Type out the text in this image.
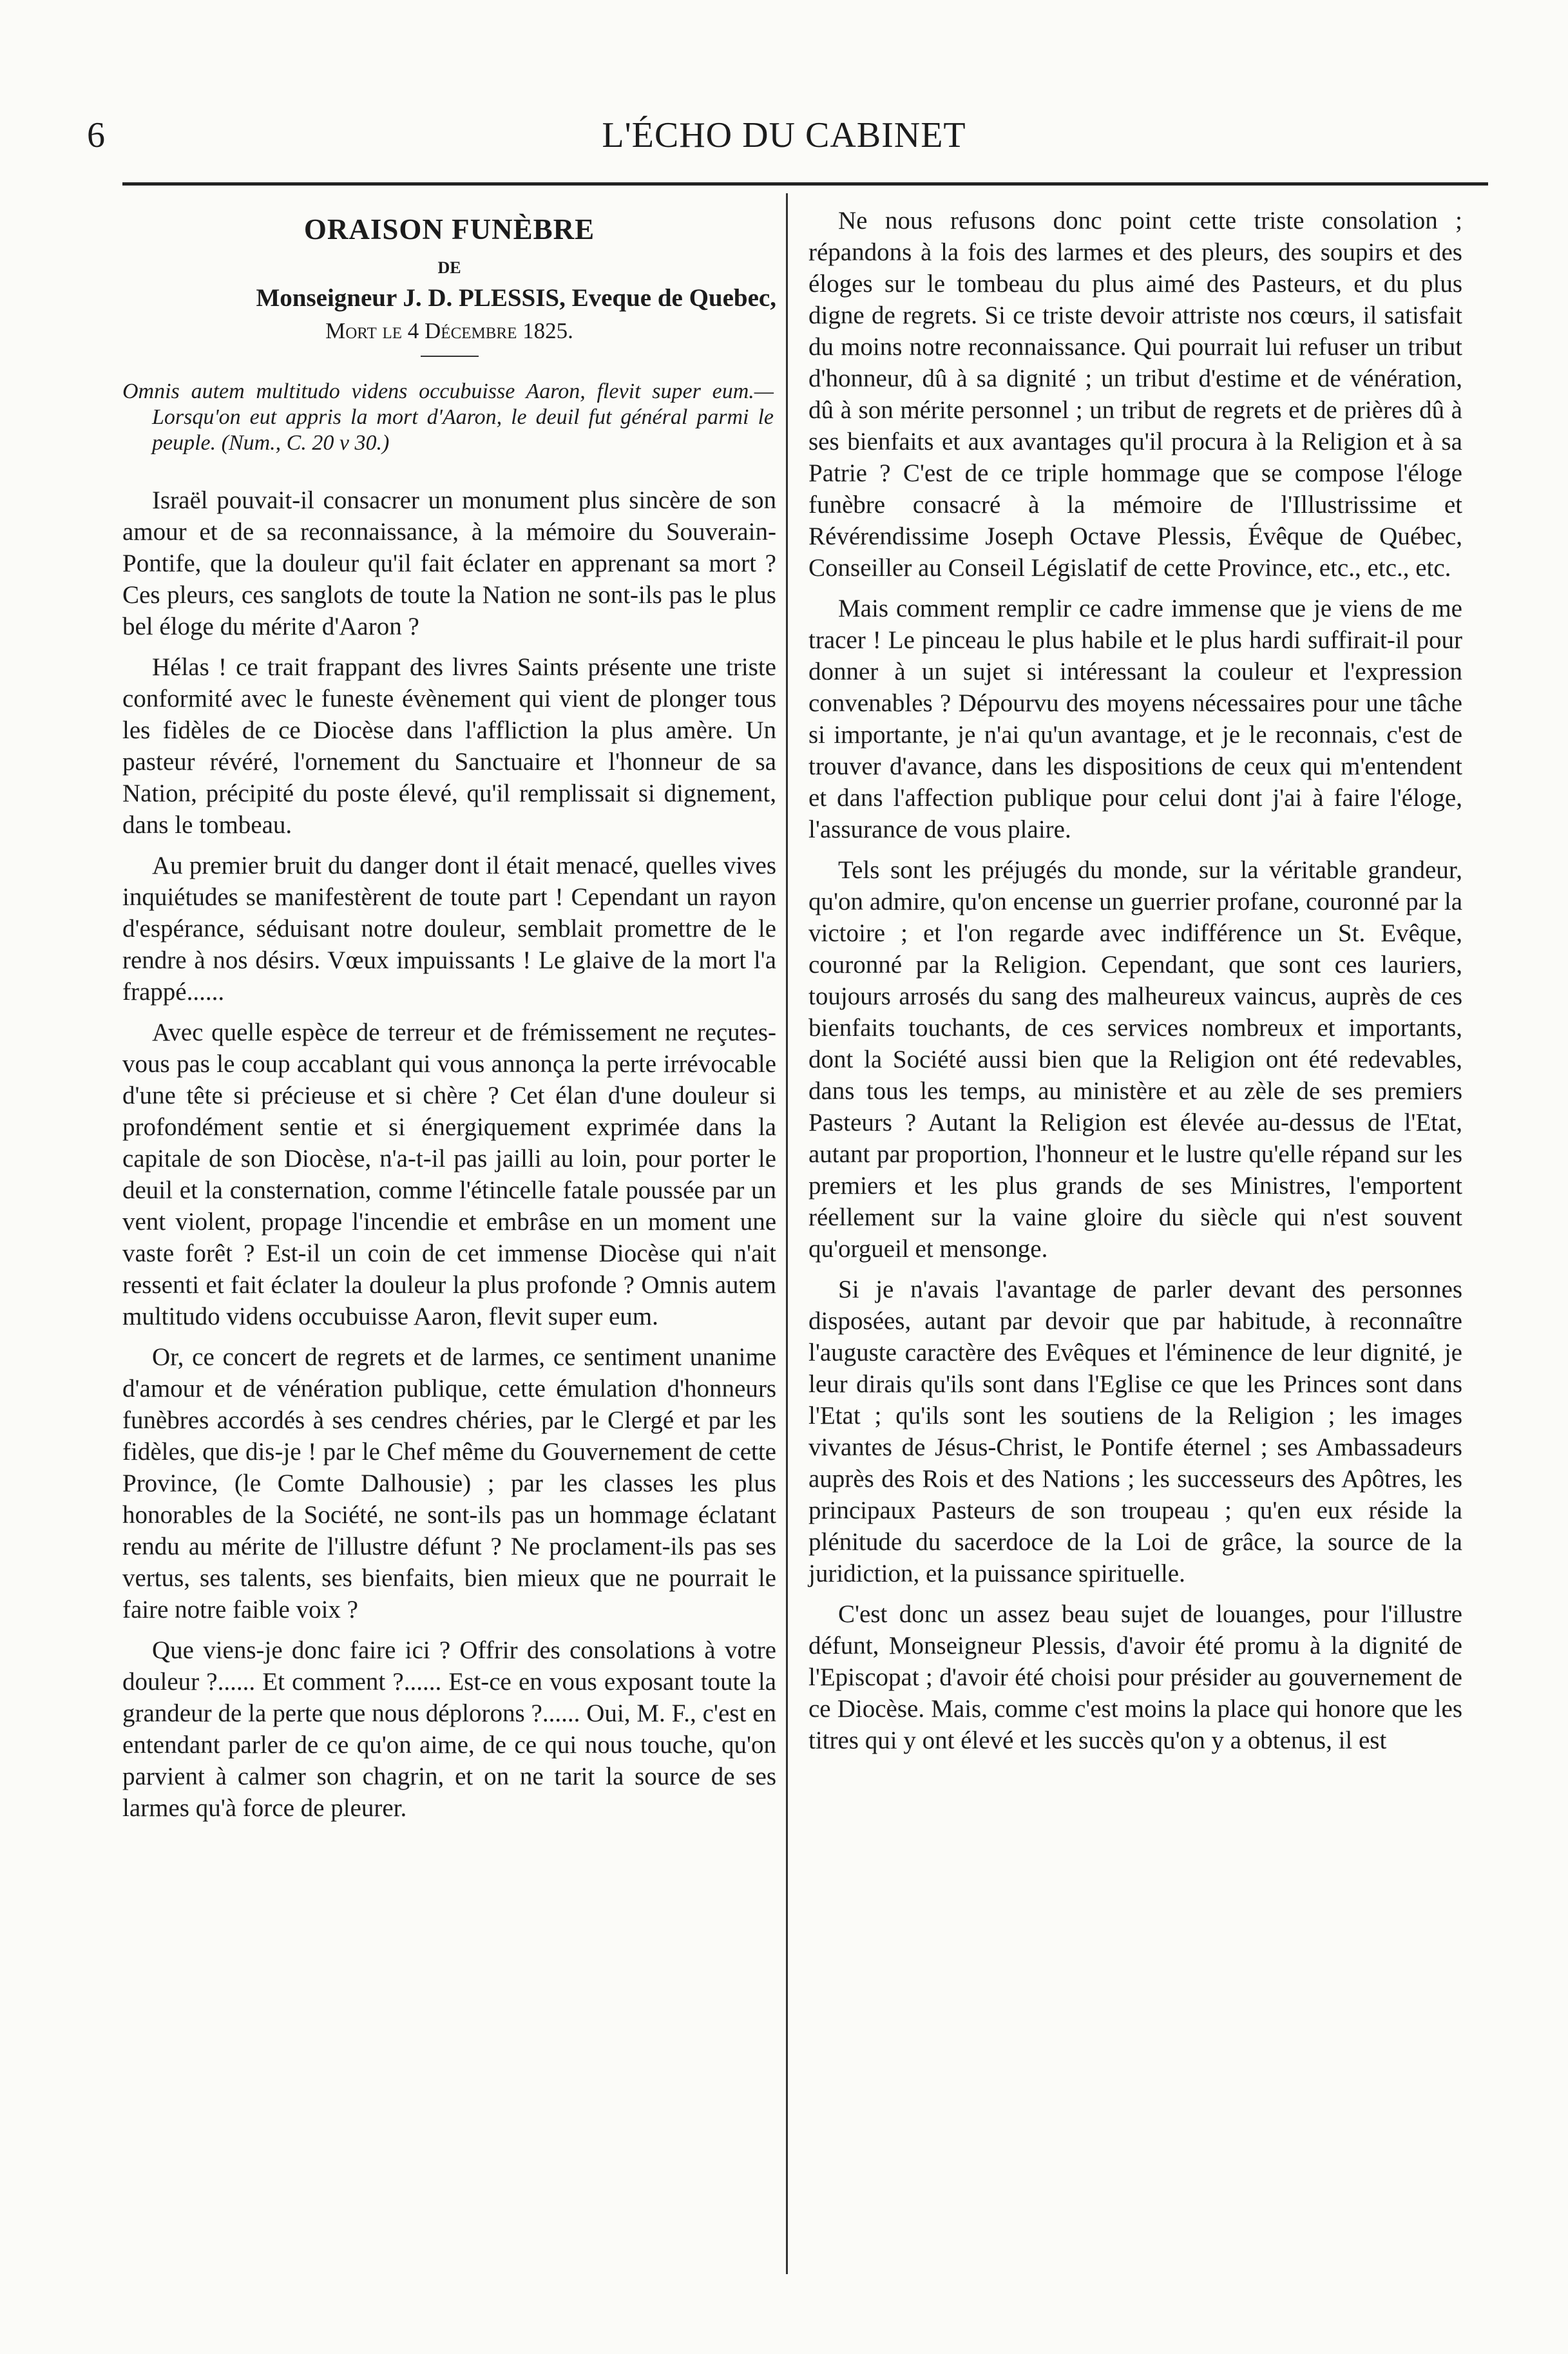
6	L'ÉCHO DU CABINET
ORAISON FUNÈBRE
DE
Monseigneur J. D. PLESSIS, Eveque de Quebec,
Mort le 4 Décembre 1825.
Omnis autem multitudo videns occubuisse Aaron, flevit super eum.—Lorsqu'on eut appris la mort d'Aaron, le deuil fut général parmi le peuple. (Num., C. 20 v 30.)

Israël pouvait-il consacrer un monument plus sincère de son amour et de sa reconnaissance, à la mémoire du Souverain-Pontife, que la douleur qu'il fait éclater en apprenant sa mort ? Ces pleurs, ces sanglots de toute la Nation ne sont-ils pas le plus bel éloge du mérite d'Aaron ?

Hélas ! ce trait frappant des livres Saints présente une triste conformité avec le funeste évènement qui vient de plonger tous les fidèles de ce Diocèse dans l'affliction la plus amère. Un pasteur révéré, l'ornement du Sanctuaire et l'honneur de sa Nation, précipité du poste élevé, qu'il remplissait si dignement, dans le tombeau.

Au premier bruit du danger dont il était menacé, quelles vives inquiétudes se manifestèrent de toute part ! Cependant un rayon d'espérance, séduisant notre douleur, semblait promettre de le rendre à nos désirs. Vœux impuissants ! Le glaive de la mort l'a frappé......

Avec quelle espèce de terreur et de frémissement ne reçutes-vous pas le coup accablant qui vous annonça la perte irrévocable d'une tête si précieuse et si chère ? Cet élan d'une douleur si profondément sentie et si énergiquement exprimée dans la capitale de son Diocèse, n'a-t-il pas jailli au loin, pour porter le deuil et la consternation, comme l'étincelle fatale poussée par un vent violent, propage l'incendie et embrâse en un moment une vaste forêt ? Est-il un coin de cet immense Diocèse qui n'ait ressenti et fait éclater la douleur la plus profonde ? Omnis autem multitudo videns occubuisse Aaron, flevit super eum.

Or, ce concert de regrets et de larmes, ce sentiment unanime d'amour et de vénération publique, cette émulation d'honneurs funèbres accordés à ses cendres chéries, par le Clergé et par les fidèles, que dis-je ! par le Chef même du Gouvernement de cette Province, (le Comte Dalhousie) ; par les classes les plus honorables de la Société, ne sont-ils pas un hommage éclatant rendu au mérite de l'illustre défunt ? Ne proclament-ils pas ses vertus, ses talents, ses bienfaits, bien mieux que ne pourrait le faire notre faible voix ?

Que viens-je donc faire ici ? Offrir des consolations à votre douleur ?...... Et comment ?...... Est-ce en vous exposant toute la grandeur de la perte que nous déplorons ?...... Oui, M. F., c'est en entendant parler de ce qu'on aime, de ce qui nous touche, qu'on parvient à calmer son chagrin, et on ne tarit la source de ses larmes qu'à force de pleurer.

Ne nous refusons donc point cette triste consolation ; répandons à la fois des larmes et des pleurs, des soupirs et des éloges sur le tombeau du plus aimé des Pasteurs, et du plus digne de regrets. Si ce triste devoir attriste nos cœurs, il satisfait du moins notre reconnaissance. Qui pourrait lui refuser un tribut d'honneur, dû à sa dignité ; un tribut d'estime et de vénération, dû à son mérite personnel ; un tribut de regrets et de prières dû à ses bienfaits et aux avantages qu'il procura à la Religion et à sa Patrie ? C'est de ce triple hommage que se compose l'éloge funèbre consacré à la mémoire de l'Illustrissime et Révérendissime Joseph Octave Plessis, Évêque de Québec, Conseiller au Conseil Législatif de cette Province, etc., etc., etc.

Mais comment remplir ce cadre immense que je viens de me tracer ! Le pinceau le plus habile et le plus hardi suffirait-il pour donner à un sujet si intéressant la couleur et l'expression convenables ? Dépourvu des moyens nécessaires pour une tâche si importante, je n'ai qu'un avantage, et je le reconnais, c'est de trouver d'avance, dans les dispositions de ceux qui m'entendent et dans l'affection publique pour celui dont j'ai à faire l'éloge, l'assurance de vous plaire.

Tels sont les préjugés du monde, sur la véritable grandeur, qu'on admire, qu'on encense un guerrier profane, couronné par la victoire ; et l'on regarde avec indifférence un St. Evêque, couronné par la Religion. Cependant, que sont ces lauriers, toujours arrosés du sang des malheureux vaincus, auprès de ces bienfaits touchants, de ces services nombreux et importants, dont la Société aussi bien que la Religion ont été redevables, dans tous les temps, au ministère et au zèle de ses premiers Pasteurs ? Autant la Religion est élevée au-dessus de l'Etat, autant par proportion, l'honneur et le lustre qu'elle répand sur les premiers et les plus grands de ses Ministres, l'emportent réellement sur la vaine gloire du siècle qui n'est souvent qu'orgueil et mensonge.

Si je n'avais l'avantage de parler devant des personnes disposées, autant par devoir que par habitude, à reconnaître l'auguste caractère des Evêques et l'éminence de leur dignité, je leur dirais qu'ils sont dans l'Eglise ce que les Princes sont dans l'Etat ; qu'ils sont les soutiens de la Religion ; les images vivantes de Jésus-Christ, le Pontife éternel ; ses Ambassadeurs auprès des Rois et des Nations ; les successeurs des Apôtres, les principaux Pasteurs de son troupeau ; qu'en eux réside la plénitude du sacerdoce de la Loi de grâce, la source de la juridiction, et la puissance spirituelle.

C'est donc un assez beau sujet de louanges, pour l'illustre défunt, Monseigneur Plessis, d'avoir été promu à la dignité de l'Episcopat ; d'avoir été choisi pour présider au gouvernement de ce Diocèse. Mais, comme c'est moins la place qui honore que les titres qui y ont élevé et les succès qu'on y a obtenus, il est
